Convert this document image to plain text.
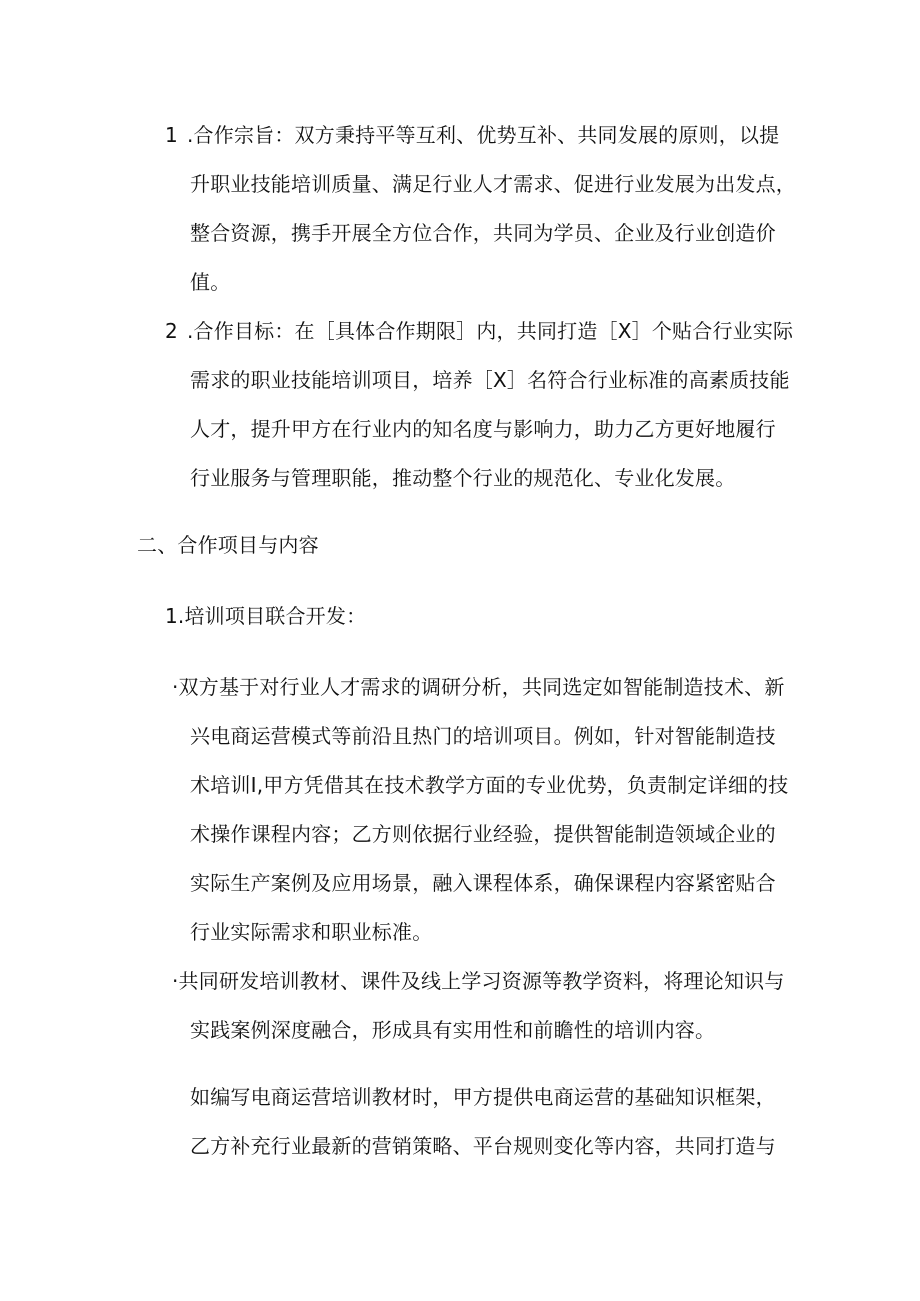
1 .合作宗旨：双方秉持平等互利、优势互补、共同发展的原则，以提
升职业技能培训质量、满足行业人才需求、促进行业发展为出发点，
整合资源，携手开展全方位合作，共同为学员、企业及行业创造价
值。
2 .合作目标：在［具体合作期限］内，共同打造［X］个贴合行业实际
需求的职业技能培训项目，培养［X］名符合行业标准的高素质技能
人才，提升甲方在行业内的知名度与影响力，助力乙方更好地履行
行业服务与管理职能，推动整个行业的规范化、专业化发展。
二、合作项目与内容
1.培训项目联合开发：
·双方基于对行业人才需求的调研分析，共同选定如智能制造技术、新
兴电商运营模式等前沿且热门的培训项目。例如，针对智能制造技
术培训I,甲方凭借其在技术教学方面的专业优势，负责制定详细的技
术操作课程内容；乙方则依据行业经验，提供智能制造领域企业的
实际生产案例及应用场景，融入课程体系，确保课程内容紧密贴合
行业实际需求和职业标准。
·共同研发培训教材、课件及线上学习资源等教学资料，将理论知识与
实践案例深度融合，形成具有实用性和前瞻性的培训内容。
如编写电商运营培训教材时，甲方提供电商运营的基础知识框架，
乙方补充行业最新的营销策略、平台规则变化等内容，共同打造与
